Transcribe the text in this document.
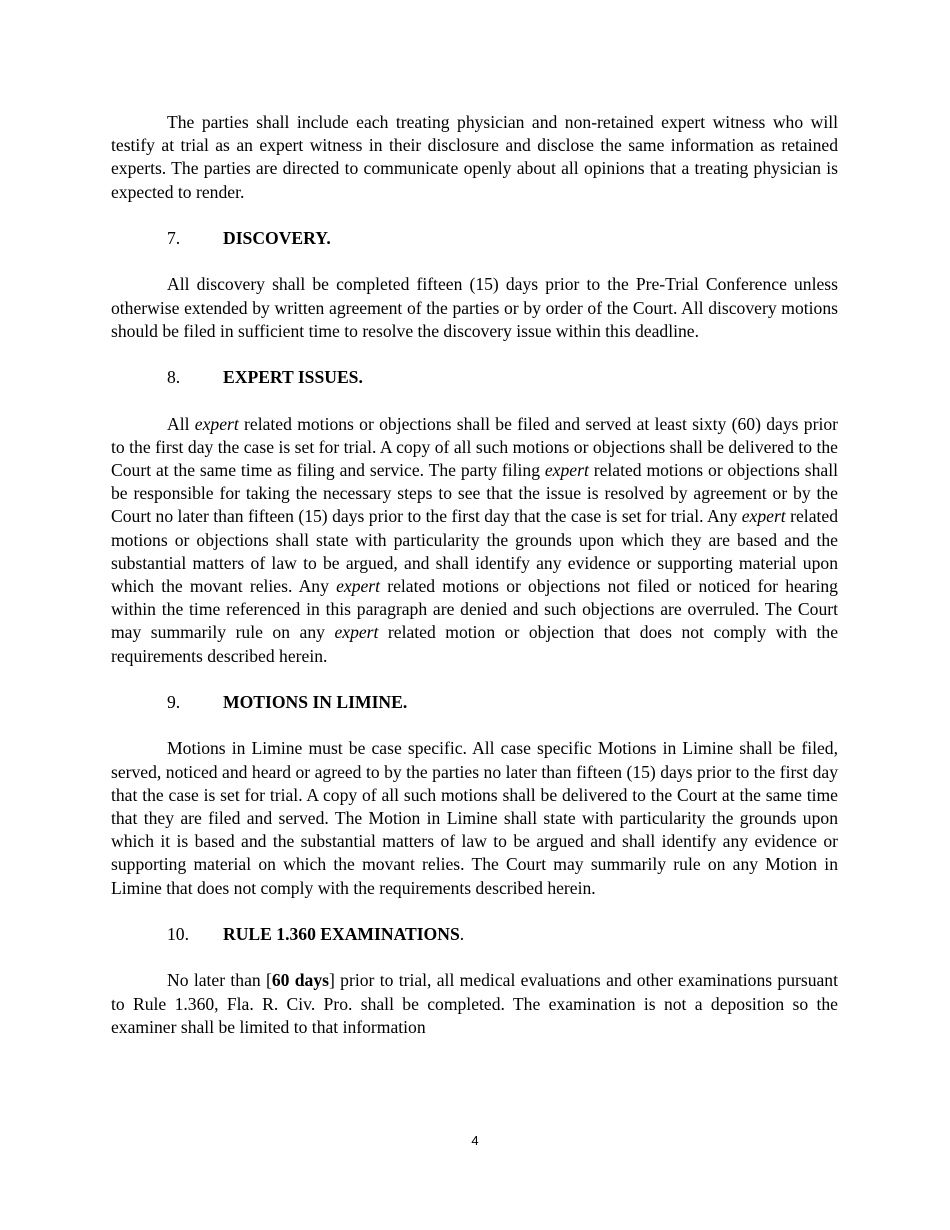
The parties shall include each treating physician and non-retained expert witness who will testify at trial as an expert witness in their disclosure and disclose the same information as retained experts. The parties are directed to communicate openly about all opinions that a treating physician is expected to render.

7. DISCOVERY.

All discovery shall be completed fifteen (15) days prior to the Pre-Trial Conference unless otherwise extended by written agreement of the parties or by order of the Court. All discovery motions should be filed in sufficient time to resolve the discovery issue within this deadline.

8. EXPERT ISSUES.

All expert related motions or objections shall be filed and served at least sixty (60) days prior to the first day the case is set for trial. A copy of all such motions or objections shall be delivered to the Court at the same time as filing and service. The party filing expert related motions or objections shall be responsible for taking the necessary steps to see that the issue is resolved by agreement or by the Court no later than fifteen (15) days prior to the first day that the case is set for trial. Any expert related motions or objections shall state with particularity the grounds upon which they are based and the substantial matters of law to be argued, and shall identify any evidence or supporting material upon which the movant relies. Any expert related motions or objections not filed or noticed for hearing within the time referenced in this paragraph are denied and such objections are overruled. The Court may summarily rule on any expert related motion or objection that does not comply with the requirements described herein.

9. MOTIONS IN LIMINE.

Motions in Limine must be case specific. All case specific Motions in Limine shall be filed, served, noticed and heard or agreed to by the parties no later than fifteen (15) days prior to the first day that the case is set for trial. A copy of all such motions shall be delivered to the Court at the same time that they are filed and served. The Motion in Limine shall state with particularity the grounds upon which it is based and the substantial matters of law to be argued and shall identify any evidence or supporting material on which the movant relies. The Court may summarily rule on any Motion in Limine that does not comply with the requirements described herein.

10. RULE 1.360 EXAMINATIONS.

No later than [60 days] prior to trial, all medical evaluations and other examinations pursuant to Rule 1.360, Fla. R. Civ. Pro. shall be completed. The examination is not a deposition so the examiner shall be limited to that information

4
